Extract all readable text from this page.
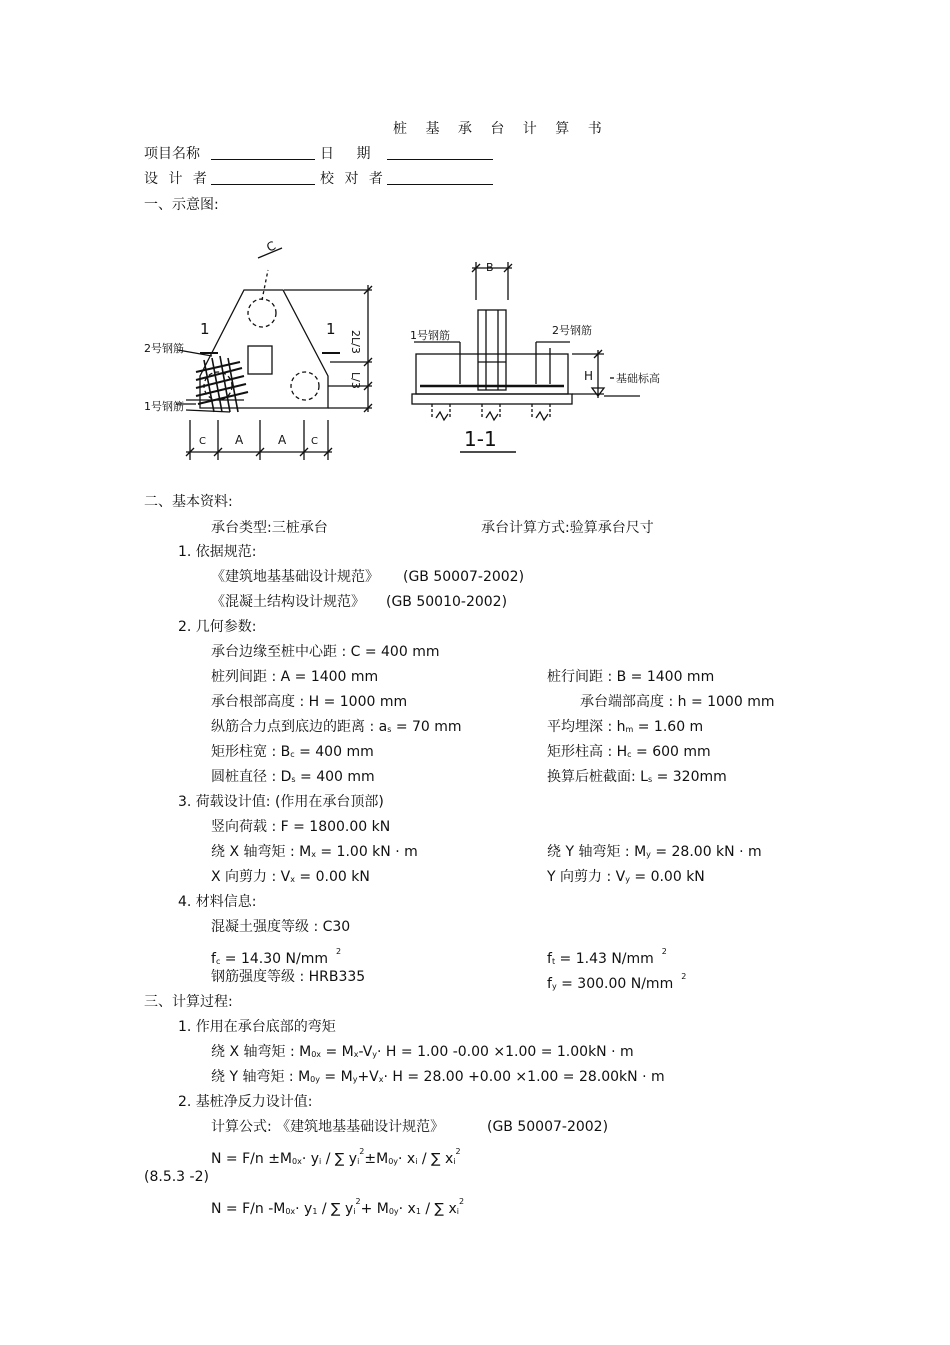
桩 基 承 台 计 算 书
项目名称	日 期
设 计 者	校 对 者
一、示意图:
C
1	1
2号钢筋
1号钢筋
2L/3
L/3
C A	A C
B
1号钢筋	2号钢筋
H 基础标高
1-1
二、基本资料:
承台类型:三桩承台	承台计算方式:验算承台尺寸
1. 依据规范:
《建筑地基基础设计规范》 (GB 50007-2002)
《混凝土结构设计规范》 (GB 50010-2002)
2. 几何参数:
承台边缘至桩中心距 : C = 400 mm
桩列间距 : A = 1400 mm	桩行间距 : B = 1400 mm
承台根部高度 : H = 1000 mm	承台端部高度 : h = 1000 mm
纵筋合力点到底边的距离 : as = 70 mm	平均埋深 : hm = 1.60 m
矩形柱宽 : Bc = 400 mm	矩形柱高 : Hc = 600 mm
圆桩直径 : Ds = 400 mm	换算后桩截面: Ls = 320mm
3. 荷载设计值: (作用在承台顶部)
竖向荷载 : F = 1800.00 kN
绕 X 轴弯矩 : Mx = 1.00 kN · m	绕 Y 轴弯矩 : My = 28.00 kN · m
X 向剪力 : Vx = 0.00 kN	Y 向剪力 : Vy = 0.00 kN
4. 材料信息:
混凝土强度等级 : C30
fc = 14.30 N/mm $^2$	ft = 1.43 N/mm $^2$
钢筋强度等级 : HRB335	fy = 300.00 N/mm $^2$
三、计算过程:
1. 作用在承台底部的弯矩
绕 X 轴弯矩 : M0x = Mx-Vy· H = 1.00 -0.00 ×1.00 = 1.00kN · m
绕 Y 轴弯矩 : M0y = My+Vx· H = 28.00 +0.00 ×1.00 = 28.00kN · m
2. 基桩净反力设计值:
计算公式: 《建筑地基基础设计规范》	(GB 50007-2002)
N = F/n ±M0x· yi / ∑ $yi^2\pm M0y\cdot$ xi / ∑ $xi^2$
(8.5.3 -2)
N = F/n -M0x· y1 / ∑ $yi^2+ M0y\cdot x1$ / ∑ $xi^2$
